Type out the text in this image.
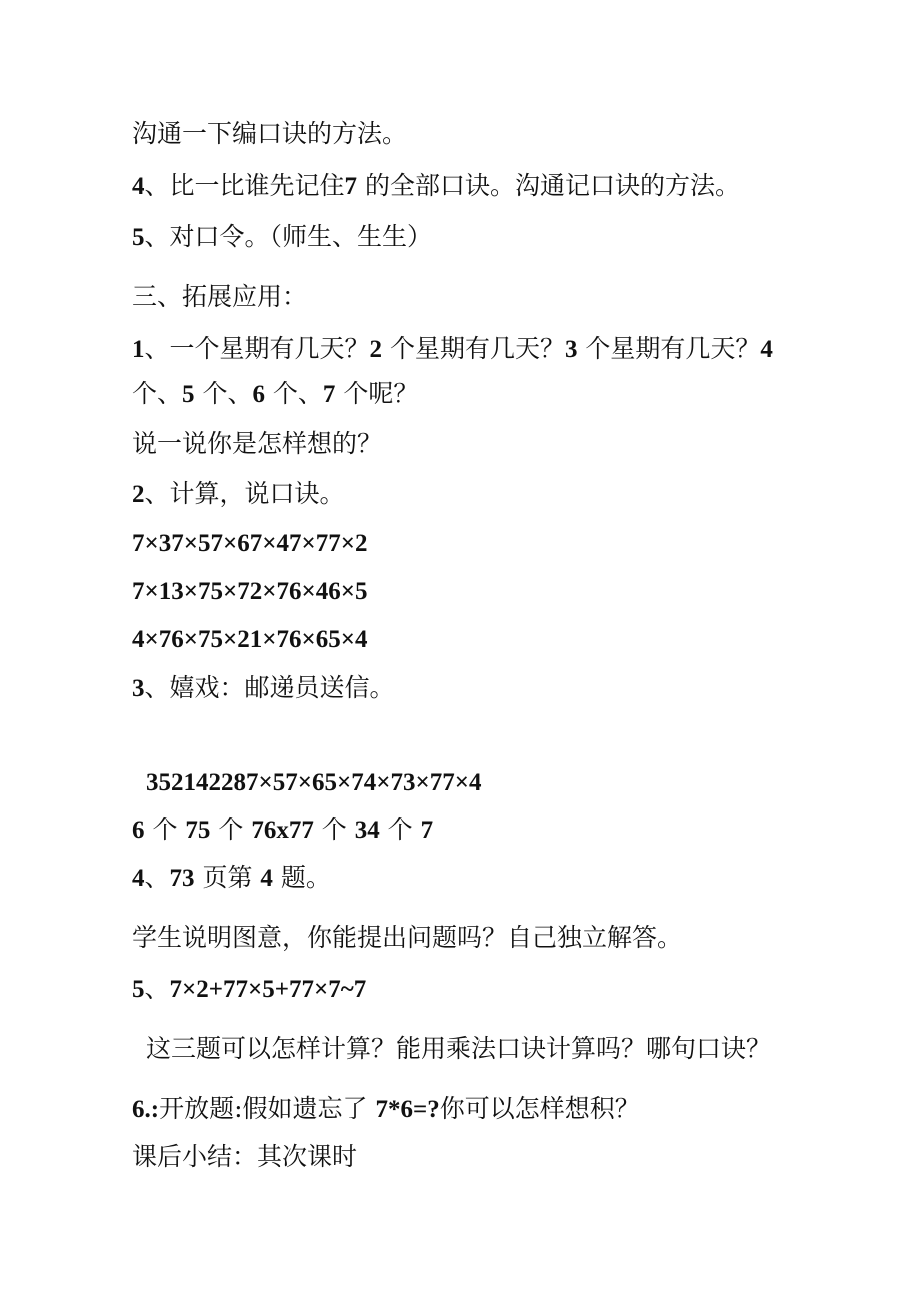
沟通一下编口诀的方法。
4、比一比谁先记住7 的全部口诀。沟通记口诀的方法。
5、对口令。（师生、生生）
三、拓展应用：
1、一个星期有几天？2 个星期有几天？3 个星期有几天？4
个、5 个、6 个、7 个呢？
说一说你是怎样想的？
2、计算，说口诀。
7×37×57×67×47×77×2
7×13×75×72×76×46×5
4×76×75×21×76×65×4
3、嬉戏：邮递员送信。
352142287×57×65×74×73×77×4
6 个 75 个 76x77 个 34 个 7
4、73 页第 4 题。
学生说明图意，你能提出问题吗？自己独立解答。
5、7×2+77×5+77×7~7
这三题可以怎样计算？能用乘法口诀计算吗？哪句口诀？
6.:开放题:假如遗忘了 7*6=?你可以怎样想积？
课后小结：其次课时
